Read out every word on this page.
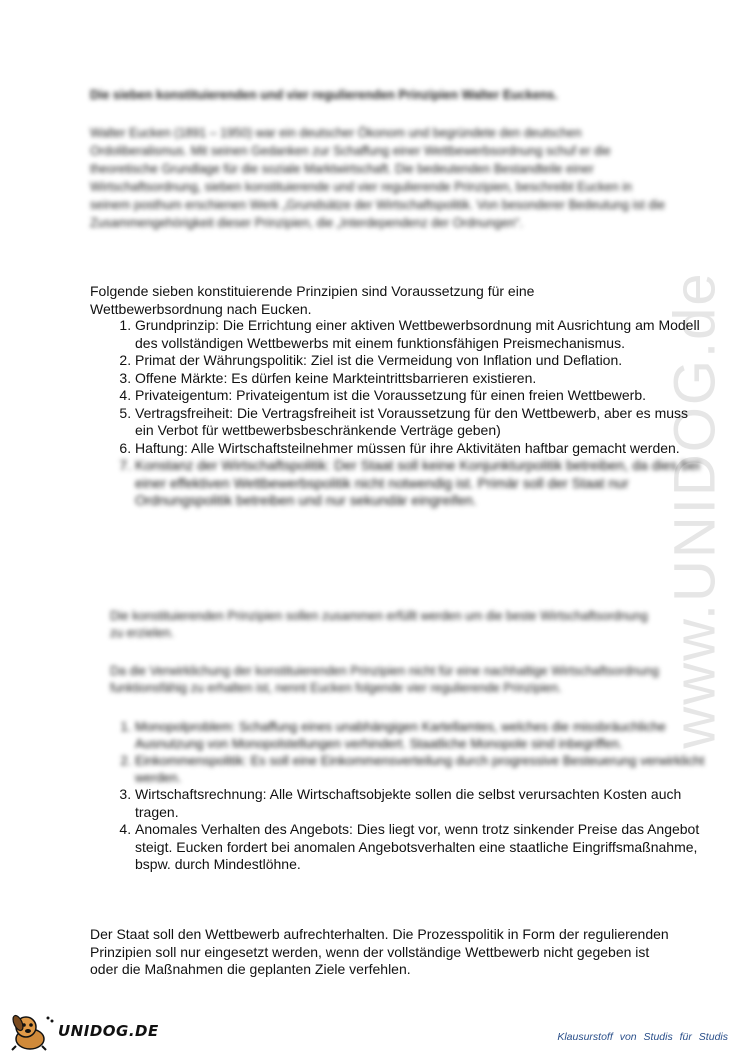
www.UNIDOG.de
Die sieben konstituierenden und vier regulierenden Prinzipien Walter Euckens.
Walter Eucken (1891 – 1950) war ein deutscher Ökonom und begründete den deutschen Ordoliberalismus. Mit seinen Gedanken zur Schaffung einer Wettbewerbsordnung schuf er die theoretische Grundlage für die soziale Marktwirtschaft. Die bedeutenden Bestandteile einer Wirtschaftsordnung, sieben konstituierende und vier regulierende Prinzipien, beschreibt Eucken in seinem posthum erschienen Werk „Grundsätze der Wirtschaftspolitik. Von besonderer Bedeutung ist die Zusammengehörigkeit dieser Prinzipien, die „Interdependenz der Ordnungen“.
Folgende sieben konstituierende Prinzipien sind Voraussetzung für eine Wettbewerbsordnung nach Eucken.
1. Grundprinzip: Die Errichtung einer aktiven Wettbewerbsordnung mit Ausrichtung am Modell des vollständigen Wettbewerbs mit einem funktionsfähigen Preismechanismus.
2. Primat der Währungspolitik: Ziel ist die Vermeidung von Inflation und Deflation.
3. Offene Märkte: Es dürfen keine Markteintrittsbarrieren existieren.
4. Privateigentum: Privateigentum ist die Voraussetzung für einen freien Wettbewerb.
5. Vertragsfreiheit: Die Vertragsfreiheit ist Voraussetzung für den Wettbewerb, aber es muss ein Verbot für wettbewerbsbeschränkende Verträge geben)
6. Haftung: Alle Wirtschaftsteilnehmer müssen für ihre Aktivitäten haftbar gemacht werden.
7. Konstanz der Wirtschaftspolitik: Der Staat soll keine Konjunkturpolitik betreiben, da dies bei einer effektiven Wettbewerbspolitik nicht notwendig ist. Primär soll der Staat nur Ordnungspolitik betreiben und nur sekundär eingreifen.
Die konstituierenden Prinzipien sollen zusammen erfüllt werden um die beste Wirtschaftsordnung zu erzielen.
Da die Verwirklichung der konstituierenden Prinzipien nicht für eine nachhaltige Wirtschaftsordnung funktionsfähig zu erhalten ist, nennt Eucken folgende vier regulierende Prinzipien.
1. Monopolproblem: Schaffung eines unabhängigen Kartellamtes, welches die missbräuchliche Ausnutzung von Monopolstellungen verhindert. Staatliche Monopole sind inbegriffen.
2. Einkommenspolitik: Es soll eine Einkommensverteilung durch progressive Besteuerung verwirklicht werden.
3. Wirtschaftsrechnung: Alle Wirtschaftsobjekte sollen die selbst verursachten Kosten auch tragen.
4. Anomales Verhalten des Angebots: Dies liegt vor, wenn trotz sinkender Preise das Angebot steigt. Eucken fordert bei anomalen Angebotsverhalten eine staatliche Eingriffsmaßnahme, bspw. durch Mindestlöhne.
Der Staat soll den Wettbewerb aufrechterhalten. Die Prozesspolitik in Form der regulierenden Prinzipien soll nur eingesetzt werden, wenn der vollständige Wettbewerb nicht gegeben ist oder die Maßnahmen die geplanten Ziele verfehlen.
UNIDOG.DE	Klausurstoff von Studis für Studis
